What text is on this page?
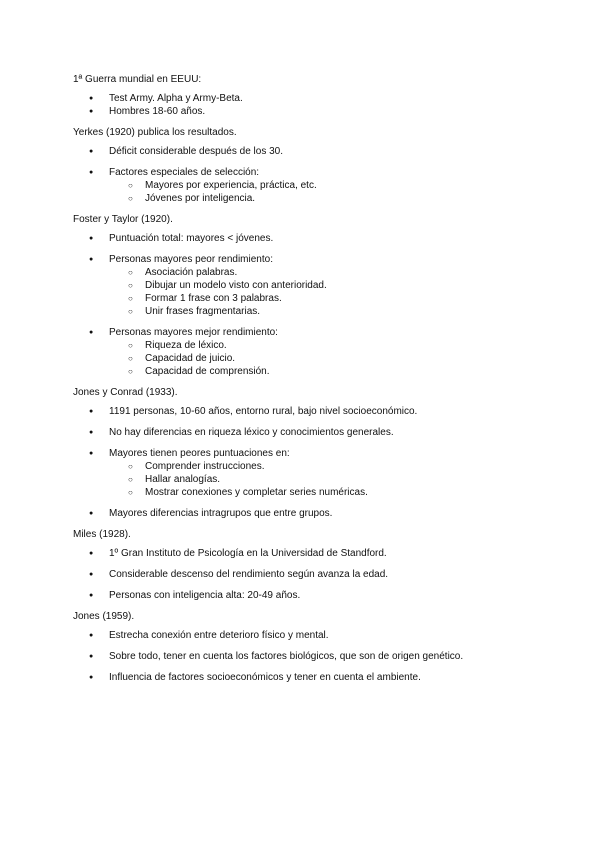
1ª Guerra mundial en EEUU:
● Test Army. Alpha y Army-Beta.
● Hombres 18-60 años.
Yerkes (1920) publica los resultados.
● Déficit considerable después de los 30.
● Factores especiales de selección:
○ Mayores por experiencia, práctica, etc.
○ Jóvenes por inteligencia.
Foster y Taylor (1920).
● Puntuación total: mayores < jóvenes.
● Personas mayores peor rendimiento:
○ Asociación palabras.
○ Dibujar un modelo visto con anterioridad.
○ Formar 1 frase con 3 palabras.
○ Unir frases fragmentarias.
● Personas mayores mejor rendimiento:
○ Riqueza de léxico.
○ Capacidad de juicio.
○ Capacidad de comprensión.
Jones y Conrad (1933).
● 1191 personas, 10-60 años, entorno rural, bajo nivel socioeconómico.
● No hay diferencias en riqueza léxico y conocimientos generales.
● Mayores tienen peores puntuaciones en:
○ Comprender instrucciones.
○ Hallar analogías.
○ Mostrar conexiones y completar series numéricas.
● Mayores diferencias intragrupos que entre grupos.
Miles (1928).
● 1º Gran Instituto de Psicología en la Universidad de Standford.
● Considerable descenso del rendimiento según avanza la edad.
● Personas con inteligencia alta: 20-49 años.
Jones (1959).
● Estrecha conexión entre deterioro físico y mental.
● Sobre todo, tener en cuenta los factores biológicos, que son de origen genético.
● Influencia de factores socioeconómicos y tener en cuenta el ambiente.
